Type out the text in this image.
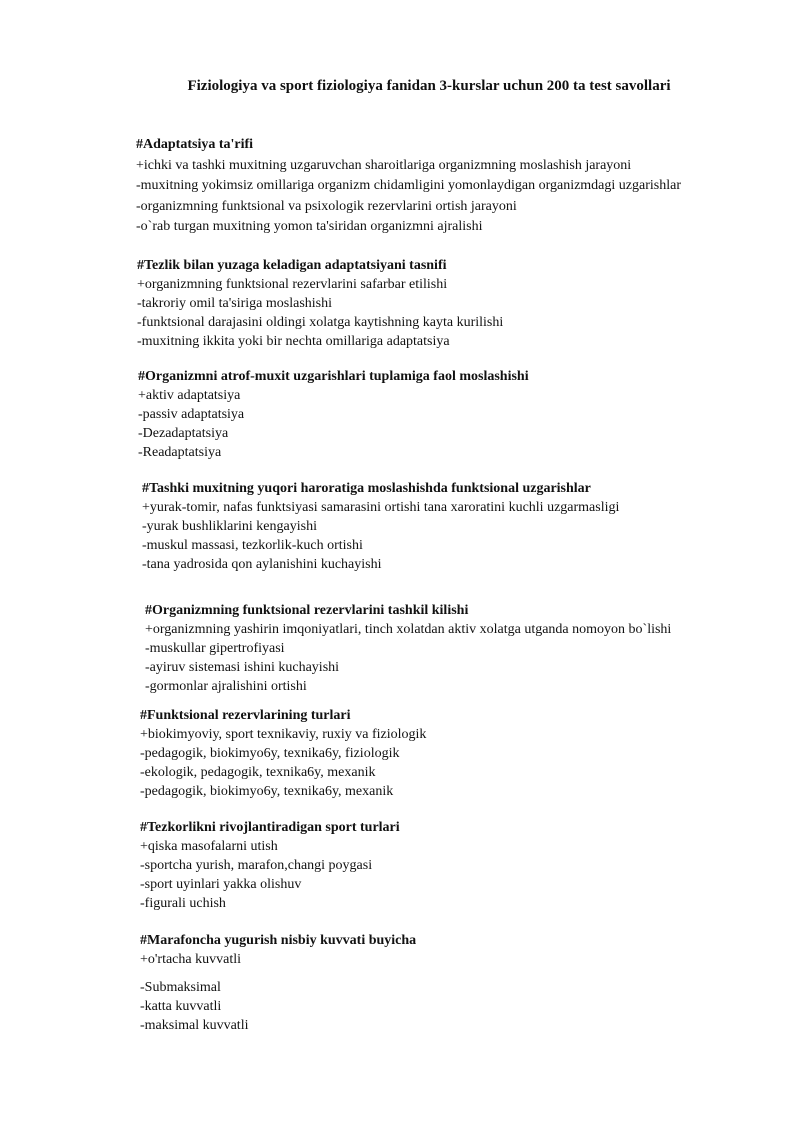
Fiziologiya va sport fiziologiya fanidan 3-kurslar uchun 200 ta test savollari
#Adaptatsiya ta'rifi
+ichki va tashki muxitning uzgaruvchan sharoitlariga organizmning moslashish jarayoni
-muxitning yokimsiz omillariga organizm chidamligini yomonlaydigan organizmdagi uzgarishlar
-organizmning funktsional va psixologik rezervlarini ortish jarayoni
-o`rab turgan muxitning yomon ta'siridan organizmni ajralishi
#Tezlik bilan yuzaga keladigan adaptatsiyani tasnifi
+organizmning funktsional rezervlarini safarbar etilishi
-takroriy omil ta'siriga moslashishi
-funktsional darajasini oldingi xolatga kaytishning kayta kurilishi
-muxitning ikkita yoki bir nechta omillariga adaptatsiya
#Organizmni atrof-muxit uzgarishlari tuplamiga faol moslashishi
+aktiv adaptatsiya
-passiv adaptatsiya
-Dezadaptatsiya
-Readaptatsiya
#Tashki muxitning yuqori haroratiga moslashishda funktsional uzgarishlar
+yurak-tomir, nafas funktsiyasi samarasini ortishi tana xaroratini kuchli uzgarmasligi
-yurak bushliklarini kengayishi
-muskul massasi, tezkorlik-kuch ortishi
-tana yadrosida qon aylanishini kuchayishi
#Organizmning funktsional rezervlarini tashkil kilishi
+organizmning yashirin imqoniyatlari, tinch xolatdan aktiv xolatga utganda nomoyon bo`lishi
-muskullar gipertrofiyasi
-ayiruv sistemasi ishini kuchayishi
-gormonlar ajralishini ortishi
#Funktsional rezervlarining turlari
+biokimyoviy, sport texnikaviy, ruxiy va fiziologik
-pedagogik, biokimyo6y, texnika6y, fiziologik
-ekologik, pedagogik, texnika6y, mexanik
-pedagogik, biokimyo6y, texnika6y, mexanik
#Tezkorlikni rivojlantiradigan sport turlari
+qiska masofalarni utish
-sportcha yurish, marafon,changi poygasi
-sport uyinlari yakka olishuv
-figurali uchish
#Marafoncha yugurish nisbiy kuvvati buyicha
+o'rtacha kuvvatli
-Submaksimal
-katta kuvvatli
-maksimal kuvvatli
